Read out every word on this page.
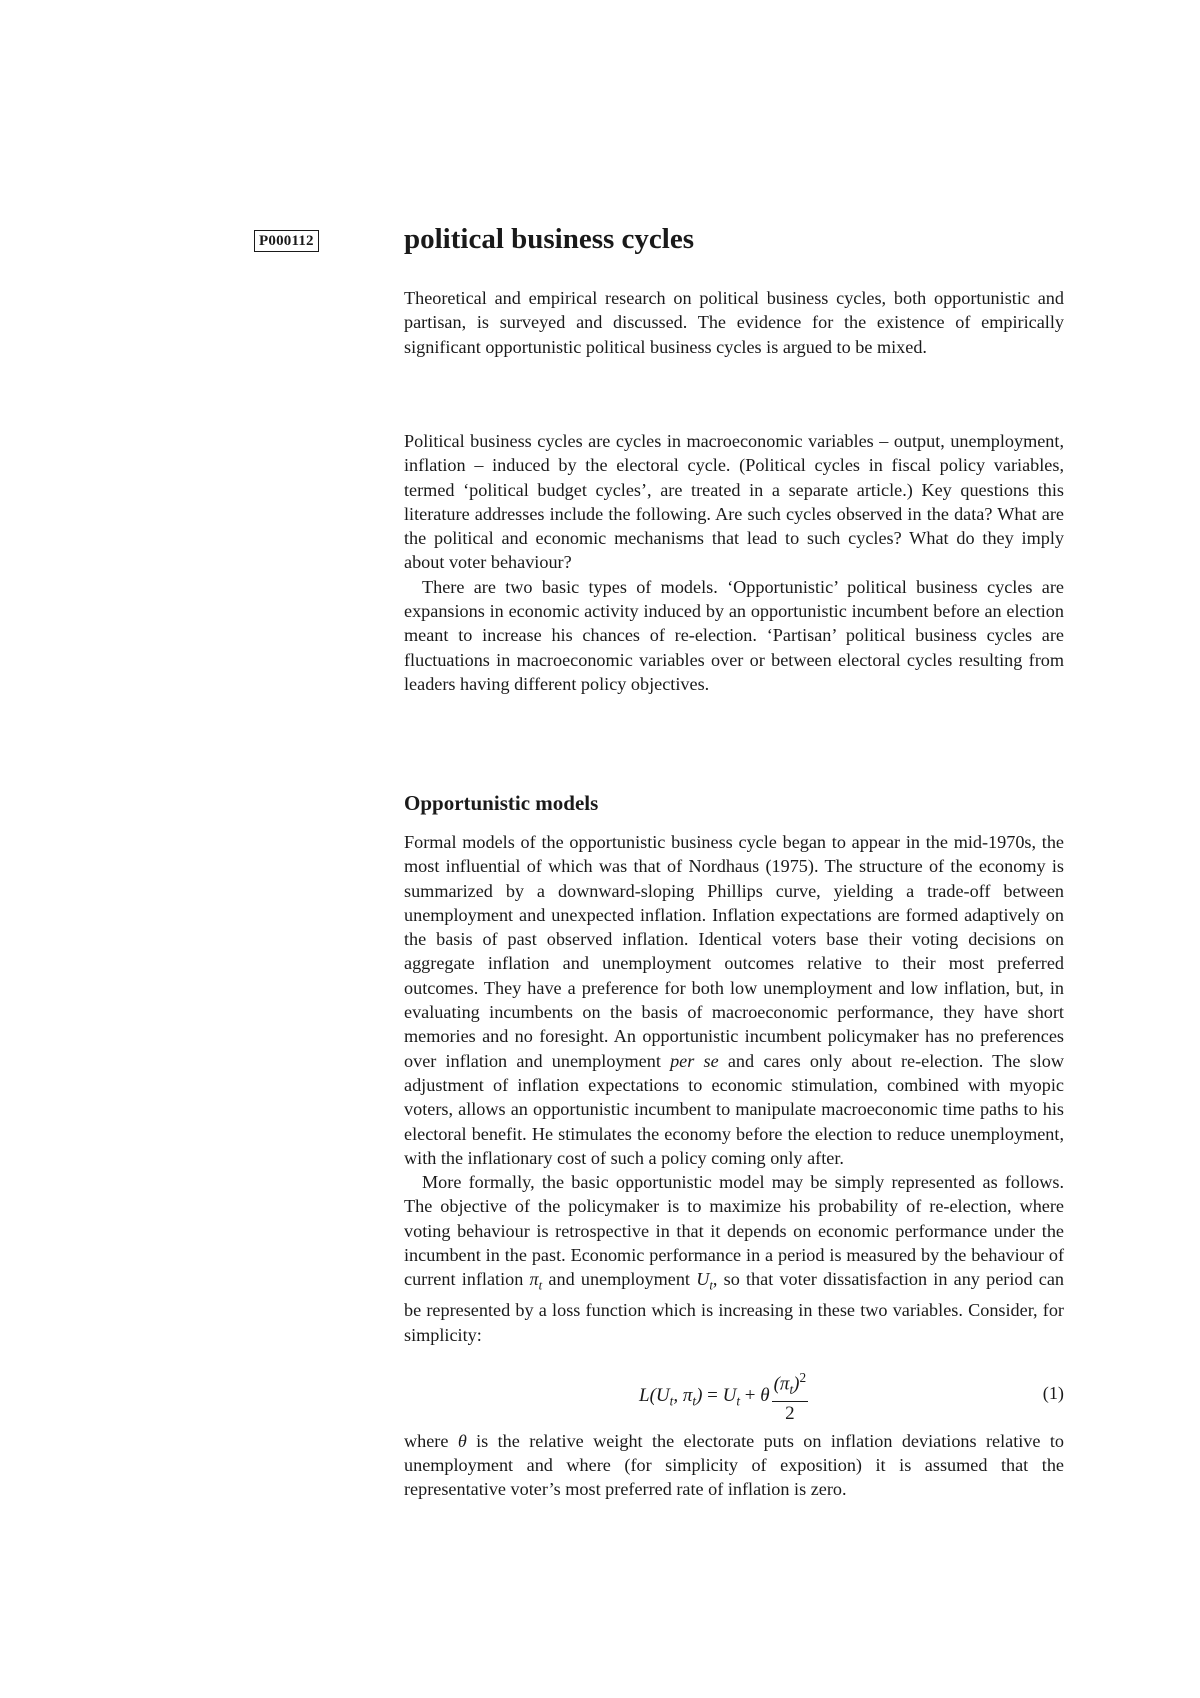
P000112	political business cycles

Theoretical and empirical research on political business cycles, both opportunistic and partisan, is surveyed and discussed. The evidence for the existence of empirically significant opportunistic political business cycles is argued to be mixed.

Political business cycles are cycles in macroeconomic variables – output, unemployment, inflation – induced by the electoral cycle. (Political cycles in fiscal policy variables, termed ‘political budget cycles’, are treated in a separate article.) Key questions this literature addresses include the following. Are such cycles observed in the data? What are the political and economic mechanisms that lead to such cycles? What do they imply about voter behaviour?

There are two basic types of models. ‘Opportunistic’ political business cycles are expansions in economic activity induced by an opportunistic incumbent before an election meant to increase his chances of re-election. ‘Partisan’ political business cycles are fluctuations in macroeconomic variables over or between electoral cycles resulting from leaders having different policy objectives.

Opportunistic models

Formal models of the opportunistic business cycle began to appear in the mid-1970s, the most influential of which was that of Nordhaus (1975). The structure of the economy is summarized by a downward-sloping Phillips curve, yielding a trade-off between unemployment and unexpected inflation. Inflation expectations are formed adaptively on the basis of past observed inflation. Identical voters base their voting decisions on aggregate inflation and unemployment outcomes relative to their most preferred outcomes. They have a preference for both low unemployment and low inflation, but, in evaluating incumbents on the basis of macroeconomic performance, they have short memories and no foresight. An opportunistic incumbent policymaker has no preferences over inflation and unemployment per se and cares only about re-election. The slow adjustment of inflation expectations to economic stimulation, combined with myopic voters, allows an opportunistic incumbent to manipulate macroeconomic time paths to his electoral benefit. He stimulates the economy before the election to reduce unemployment, with the inflationary cost of such a policy coming only after.

More formally, the basic opportunistic model may be simply represented as follows. The objective of the policymaker is to maximize his probability of re-election, where voting behaviour is retrospective in that it depends on economic performance under the incumbent in the past. Economic performance in a period is measured by the behaviour of current inflation $\pi_t$ and unemployment $U_t$, so that voter dissatisfaction in any period can be represented by a loss function which is increasing in these two variables. Consider, for simplicity:

$L(U_t$, $\pi_t) = U_t + \theta \frac{(\pi_t)^2}{2}$	(1)

where θ is the relative weight the electorate puts on inflation deviations relative to unemployment and where (for simplicity of exposition) it is assumed that the representative voter’s most preferred rate of inflation is zero.
